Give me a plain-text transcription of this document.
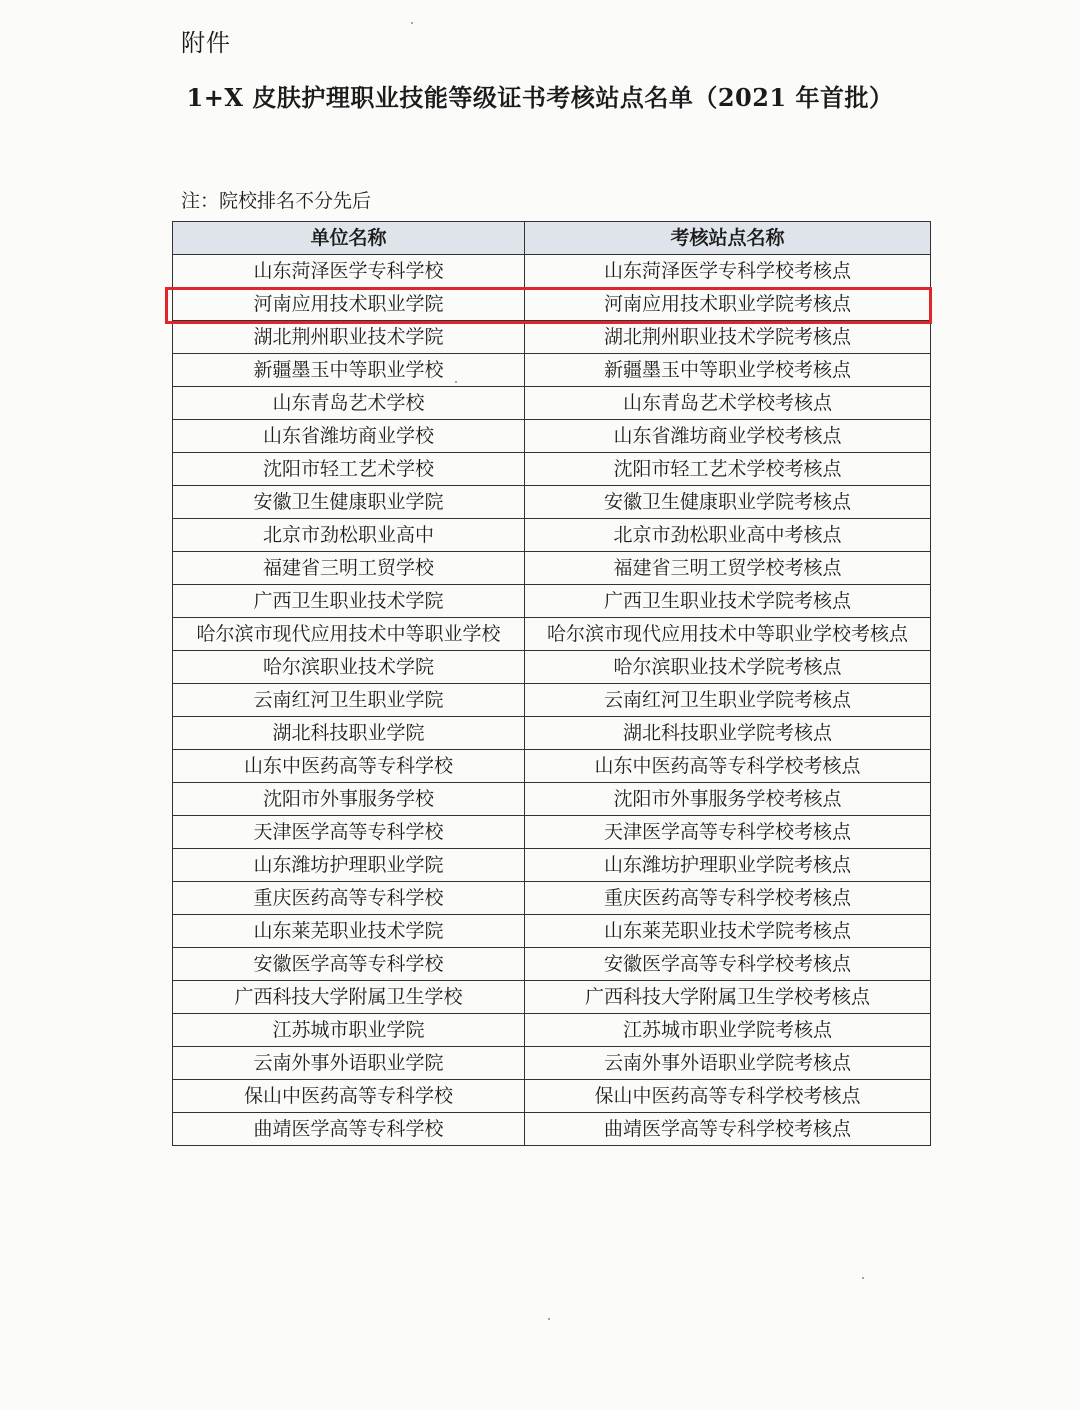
附件
1+X 皮肤护理职业技能等级证书考核站点名单（2021 年首批）
注：院校排名不分先后
单位名称	考核站点名称
山东菏泽医学专科学校	山东菏泽医学专科学校考核点
河南应用技术职业学院	河南应用技术职业学院考核点
湖北荆州职业技术学院	湖北荆州职业技术学院考核点
新疆墨玉中等职业学校	新疆墨玉中等职业学校考核点
山东青岛艺术学校	山东青岛艺术学校考核点
山东省潍坊商业学校	山东省潍坊商业学校考核点
沈阳市轻工艺术学校	沈阳市轻工艺术学校考核点
安徽卫生健康职业学院	安徽卫生健康职业学院考核点
北京市劲松职业高中	北京市劲松职业高中考核点
福建省三明工贸学校	福建省三明工贸学校考核点
广西卫生职业技术学院	广西卫生职业技术学院考核点
哈尔滨市现代应用技术中等职业学校	哈尔滨市现代应用技术中等职业学校考核点
哈尔滨职业技术学院	哈尔滨职业技术学院考核点
云南红河卫生职业学院	云南红河卫生职业学院考核点
湖北科技职业学院	湖北科技职业学院考核点
山东中医药高等专科学校	山东中医药高等专科学校考核点
沈阳市外事服务学校	沈阳市外事服务学校考核点
天津医学高等专科学校	天津医学高等专科学校考核点
山东潍坊护理职业学院	山东潍坊护理职业学院考核点
重庆医药高等专科学校	重庆医药高等专科学校考核点
山东莱芜职业技术学院	山东莱芜职业技术学院考核点
安徽医学高等专科学校	安徽医学高等专科学校考核点
广西科技大学附属卫生学校	广西科技大学附属卫生学校考核点
江苏城市职业学院	江苏城市职业学院考核点
云南外事外语职业学院	云南外事外语职业学院考核点
保山中医药高等专科学校	保山中医药高等专科学校考核点
曲靖医学高等专科学校	曲靖医学高等专科学校考核点
